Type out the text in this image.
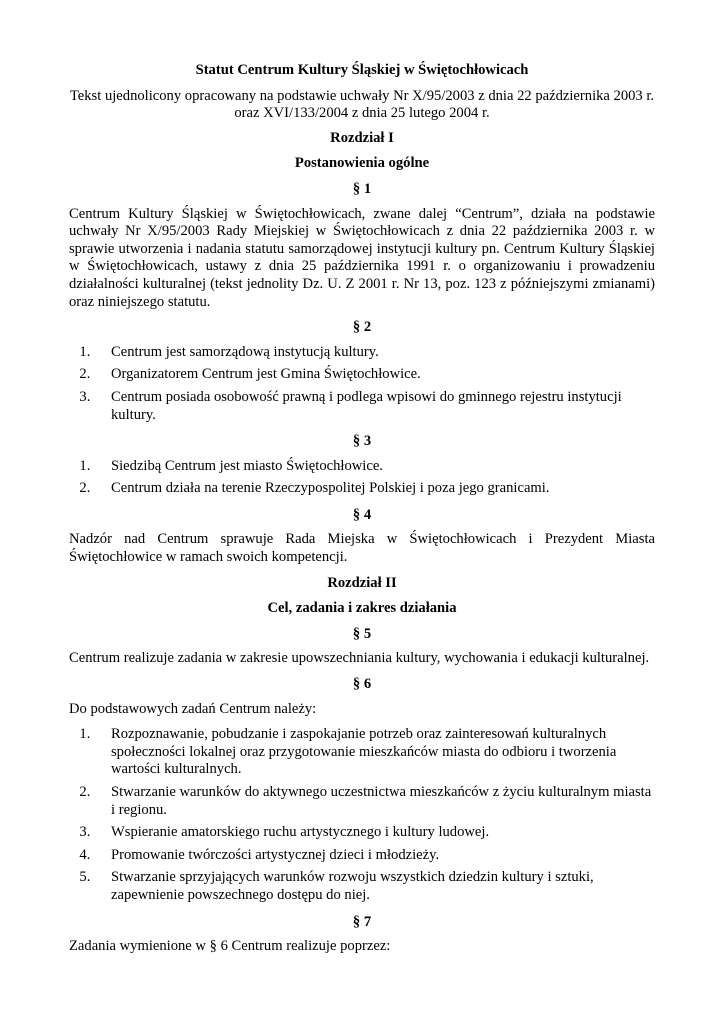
Statut Centrum Kultury Śląskiej w Świętochłowicach

Tekst ujednolicony opracowany na podstawie uchwały Nr X/95/2003 z dnia 22 października 2003 r. oraz XVI/133/2004 z dnia 25 lutego 2004 r.

Rozdział I

Postanowienia ogólne

§ 1

Centrum Kultury Śląskiej w Świętochłowicach, zwane dalej “Centrum”, działa na podstawie uchwały Nr X/95/2003 Rady Miejskiej w Świętochłowicach z dnia 22 października 2003 r. w sprawie utworzenia i nadania statutu samorządowej instytucji kultury pn. Centrum Kultury Śląskiej w Świętochłowicach, ustawy z dnia 25 października 1991 r. o organizowaniu i prowadzeniu działalności kulturalnej (tekst jednolity Dz. U. Z 2001 r. Nr 13, poz. 123 z późniejszymi zmianami) oraz niniejszego statutu.

§ 2

1. Centrum jest samorządową instytucją kultury.
2. Organizatorem Centrum jest Gmina Świętochłowice.
3. Centrum posiada osobowość prawną i podlega wpisowi do gminnego rejestru instytucji kultury.

§ 3

1. Siedzibą Centrum jest miasto Świętochłowice.
2. Centrum działa na terenie Rzeczypospolitej Polskiej i poza jego granicami.

§ 4

Nadzór nad Centrum sprawuje Rada Miejska w Świętochłowicach i Prezydent Miasta Świętochłowice w ramach swoich kompetencji.

Rozdział II

Cel, zadania i zakres działania

§ 5

Centrum realizuje zadania w zakresie upowszechniania kultury, wychowania i edukacji kulturalnej.

§ 6

Do podstawowych zadań Centrum należy:

1. Rozpoznawanie, pobudzanie i zaspokajanie potrzeb oraz zainteresowań kulturalnych społeczności lokalnej oraz przygotowanie mieszkańców miasta do odbioru i tworzenia wartości kulturalnych.
2. Stwarzanie warunków do aktywnego uczestnictwa mieszkańców z życiu kulturalnym miasta i regionu.
3. Wspieranie amatorskiego ruchu artystycznego i kultury ludowej.
4. Promowanie twórczości artystycznej dzieci i młodzieży.
5. Stwarzanie sprzyjających warunków rozwoju wszystkich dziedzin kultury i sztuki, zapewnienie powszechnego dostępu do niej.

§ 7

Zadania wymienione w § 6 Centrum realizuje poprzez:
